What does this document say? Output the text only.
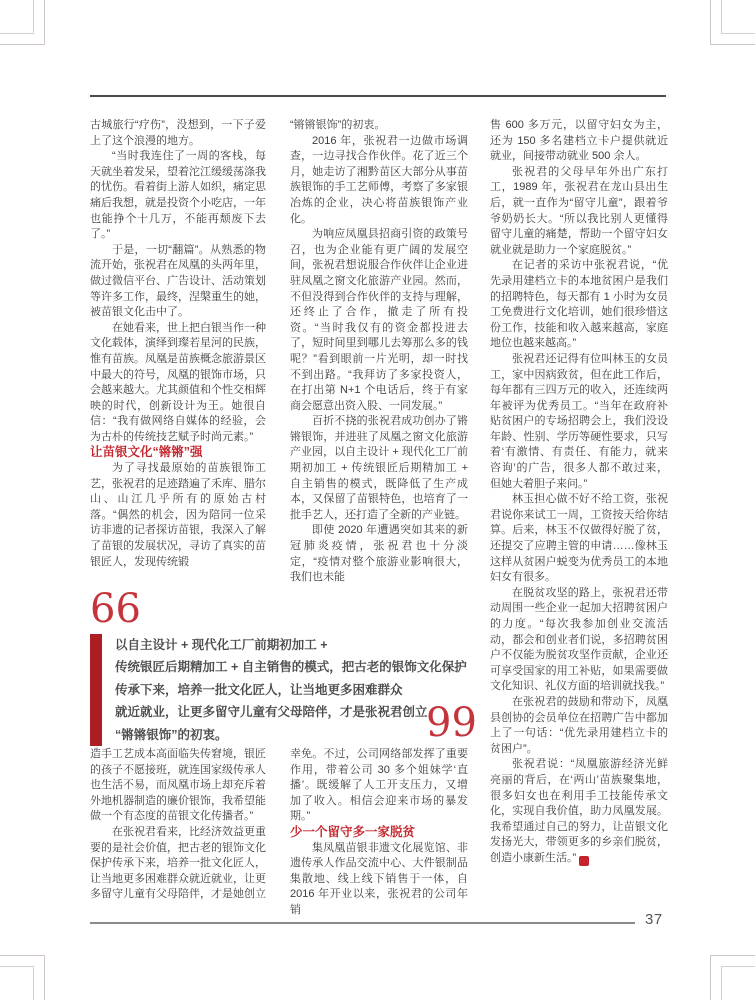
古城旅行“疗伤”，没想到，一下子爱上了这个浪漫的地方。

“当时我连住了一周的客栈，每天就坐着发呆，望着沱江缓缓荡涤我的忧伤。看着街上游人如织，痛定思痛后我想，就是投资个小吃店，一年也能挣个十几万，不能再颓废下去了。”

于是，一切“翻篇”。从熟悉的物流开始，张祝君在凤凰的头两年里，做过微信平台、广告设计、活动策划等许多工作，最终，涅槃重生的她，被苗银文化击中了。

在她看来，世上把白银当作一种文化载体，演绎到璨若星河的民族，惟有苗族。凤凰是苗族概念旅游景区中最大的符号，凤凰的银饰市场，只会越来越大。尤其颜值和个性交相辉映的时代，创新设计为王。她很自信：“我有做网络自媒体的经验，会为古朴的传统技艺赋予时尚元素。”

让苗银文化“锵锵”强

为了寻找最原始的苗族银饰工艺，张祝君的足迹踏遍了禾库、腊尔山、山江几乎所有的原始古村落。“偶然的机会，因为陪同一位采访非遗的记者探访苗银，我深入了解了苗银的发展状况，寻访了真实的苗银匠人，发现传统锻

“锵锵银饰”的初衷。

2016 年，张祝君一边做市场调查，一边寻找合作伙伴。花了近三个月，她走访了湘黔苗区大部分从事苗族银饰的手工艺师傅，考察了多家银冶炼的企业，决心将苗族银饰产业化。

为响应凤凰县招商引资的政策号召，也为企业能有更广阔的发展空间，张祝君想说服合作伙伴让企业进驻凤凰之窗文化旅游产业园。然而，不但没得到合作伙伴的支持与理解，还终止了合作，撤走了所有投资。“当时我仅有的资金都投进去了，短时间里到哪儿去筹那么多的钱呢？”看到眼前一片光明，却一时找不到出路。“我拜访了多家投资人，在打出第 N+1 个电话后，终于有家商会愿意出资入股、一同发展。”

百折不挠的张祝君成功创办了锵锵银饰，并进驻了凤凰之窗文化旅游产业园，以自主设计 + 现代化工厂前期初加工 + 传统银匠后期精加工 + 自主销售的模式，既降低了生产成本，又保留了苗银特色，也培育了一批手艺人，还打造了全新的产业链。

即使 2020 年遭遇突如其来的新冠肺炎疫情，张祝君也十分淡定，“疫情对整个旅游业影响很大，我们也未能

售 600 多万元，以留守妇女为主，还为 150 多名建档立卡户提供就近就业，间接带动就业 500 余人。

张祝君的父母早年外出广东打工，1989 年，张祝君在龙山县出生后，就一直作为“留守儿童”，跟着爷爷奶奶长大。“所以我比别人更懂得留守儿童的痛楚，帮助一个留守妇女就业就是助力一个家庭脱贫。”

在记者的采访中张祝君说，“优先录用建档立卡的本地贫困户是我们的招聘特色，每天都有 1 小时为女员工免费进行文化培训，她们很珍惜这份工作，技能和收入越来越高，家庭地位也越来越高。”

张祝君还记得有位叫林玉的女员工，家中因病致贫，但在此工作后，每年都有三四万元的收入，还连续两年被评为优秀员工。“当年在政府补贴贫困户的专场招聘会上，我们没设年龄、性别、学历等硬性要求，只写着‘有激情、有责任、有能力，就来咨询’的广告，很多人都不敢过来，但她大着胆子来问。”

林玉担心做不好不给工资，张祝君说你来试工一周，工资按天给你结算。后来，林玉不仅做得好脱了贫，还提交了应聘主管的申请……像林玉这样从贫困户蜕变为优秀员工的本地妇女有很多。

在脱贫攻坚的路上，张祝君还带动周围一些企业一起加大招聘贫困户的力度。“每次我参加创业交流活动，都会和创业者们说，多招聘贫困户不仅能为脱贫攻坚作贡献，企业还可享受国家的用工补贴，如果需要做文化知识、礼仪方面的培训就找我。”

在张祝君的鼓励和带动下，凤凰县创协的会员单位在招聘广告中都加上了一句话：“优先录用建档立卡的贫困户”。

张祝君说：“凤凰旅游经济光鲜亮丽的背后，在‘两山’苗族聚集地，很多妇女也在利用手工技能传承文化，实现自我价值，助力凤凰发展。我希望通过自己的努力，让苗银文化发扬光大，带领更多的乡亲们脱贫，创造小康新生活。”	//

66
以自主设计 + 现代化工厂前期初加工 +
传统银匠后期精加工 + 自主销售的模式，把古老的银饰文化保护
传承下来，培养一批文化匠人，让当地更多困难群众
就近就业，让更多留守儿童有父母陪伴，才是张祝君创立
“锵锵银饰”的初衷。	99

造手工艺成本高面临失传窘境，银匠的孩子不愿接班，就连国家级传承人也生活不易，而凤凰市场上却充斥着外地机器制造的廉价银饰，我希望能做一个有态度的苗银文化传播者。”

在张祝君看来，比经济效益更重要的是社会价值，把古老的银饰文化保护传承下来，培养一批文化匠人，让当地更多困难群众就近就业，让更多留守儿童有父母陪伴，才是她创立

幸免。不过，公司网络部发挥了重要作用，带着公司 30 多个姐妹学‘直播’。既缓解了人工开支压力，又增加了收入。相信会迎来市场的暴发期。”

少一个留守多一家脱贫

集凤凰苗银非遗文化展览馆、非遗传承人作品交流中心、大件银制品集散地、线上线下销售于一体，自 2016 年开业以来，张祝君的公司年销

37
